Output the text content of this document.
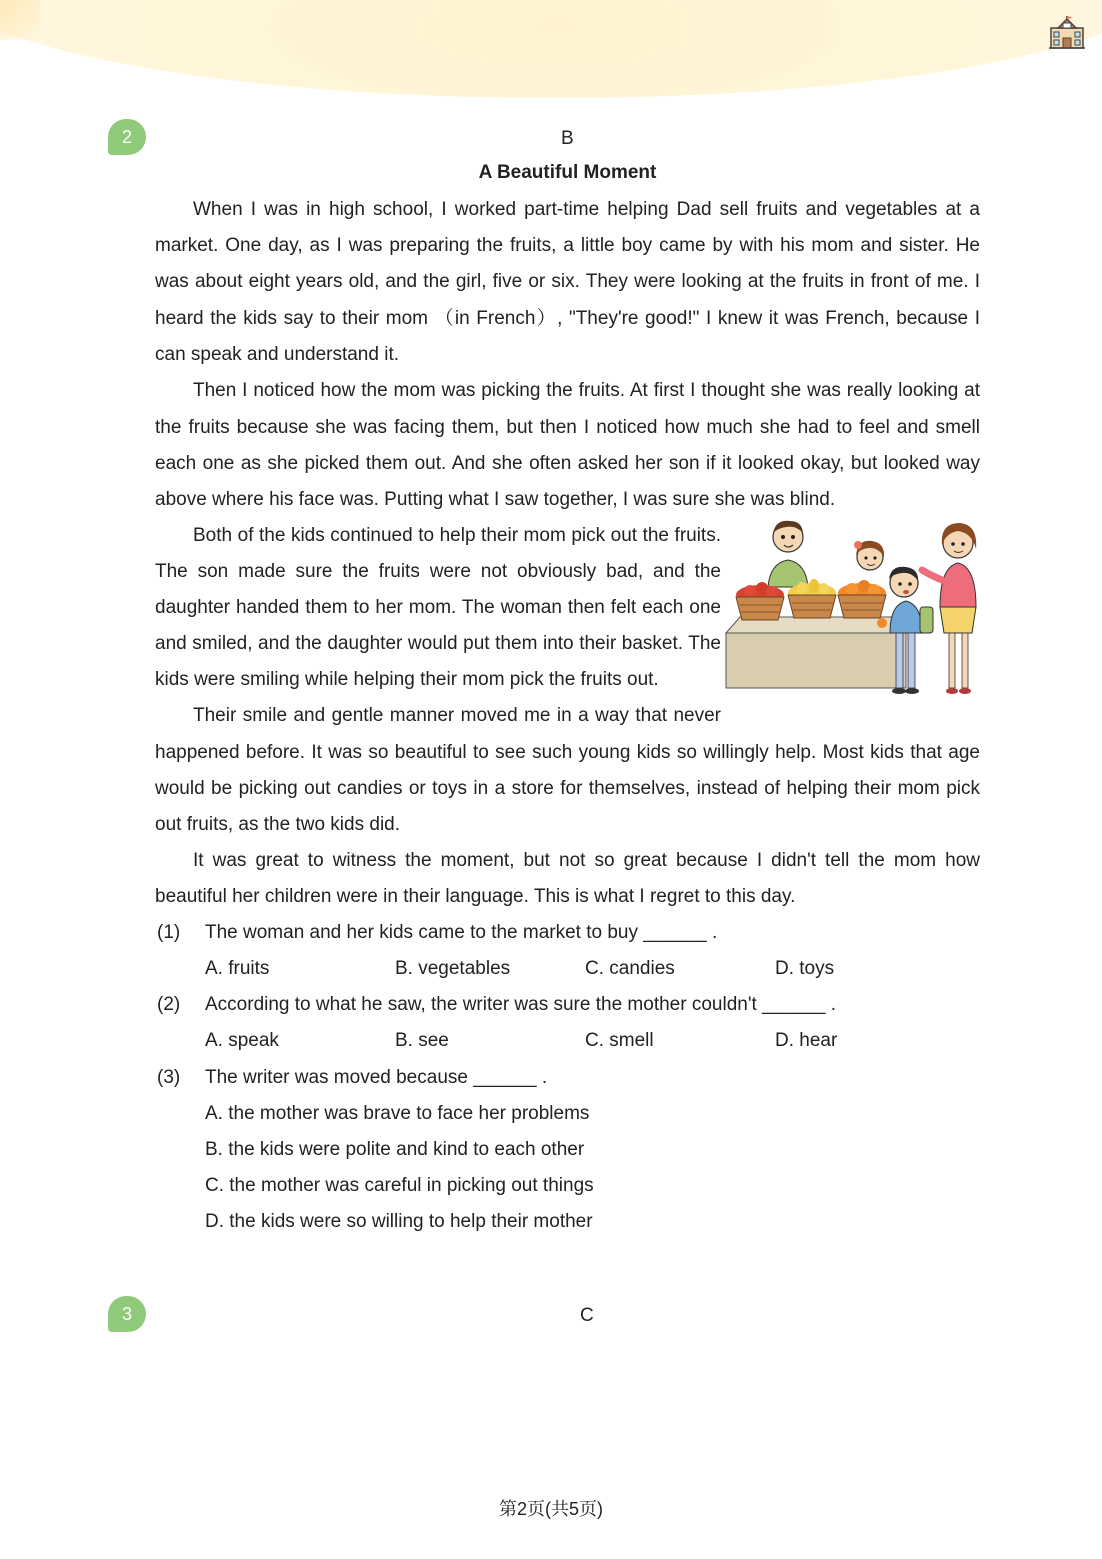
2	B
A Beautiful Moment
When I was in high school, I worked part-time helping Dad sell fruits and vegetables at a
market. One day, as I was preparing the fruits, a little boy came by with his mom and sister. He
was about eight years old, and the girl, five or six. They were looking at the fruits in front of me. I
heard the kids say to their mom （in French）, "They're good!" I knew it was French, because I
can speak and understand it.
Then I noticed how the mom was picking the fruits. At first I thought she was really looking at
the fruits because she was facing them, but then I noticed how much she had to feel and smell
each one as she picked them out. And she often asked her son if it looked okay, but looked way
above where his face was. Putting what I saw together, I was sure she was blind.
Both of the kids continued to help their mom pick out the fruits.
The son made sure the fruits were not obviously bad, and the
daughter handed them to her mom. The woman then felt each one
and smiled, and the daughter would put them into their basket. The
kids were smiling while helping their mom pick the fruits out.
Their smile and gentle manner moved me in a way that never
happened before. It was so beautiful to see such young kids so willingly help. Most kids that age
would be picking out candies or toys in a store for themselves, instead of helping their mom pick
out fruits, as the two kids did.
It was great to witness the moment, but not so great because I didn't tell the mom how
beautiful her children were in their language. This is what I regret to this day.
(1) The woman and her kids came to the market to buy ______ .
A. fruits	B. vegetables	C. candies	D. toys
(2) According to what he saw, the writer was sure the mother couldn't ______ .
A. speak	B. see	C. smell	D. hear
(3) The writer was moved because ______ .
A. the mother was brave to face her problems
B. the kids were polite and kind to each other
C. the mother was careful in picking out things
D. the kids were so willing to help their mother
3	C
第2页(共5页)
